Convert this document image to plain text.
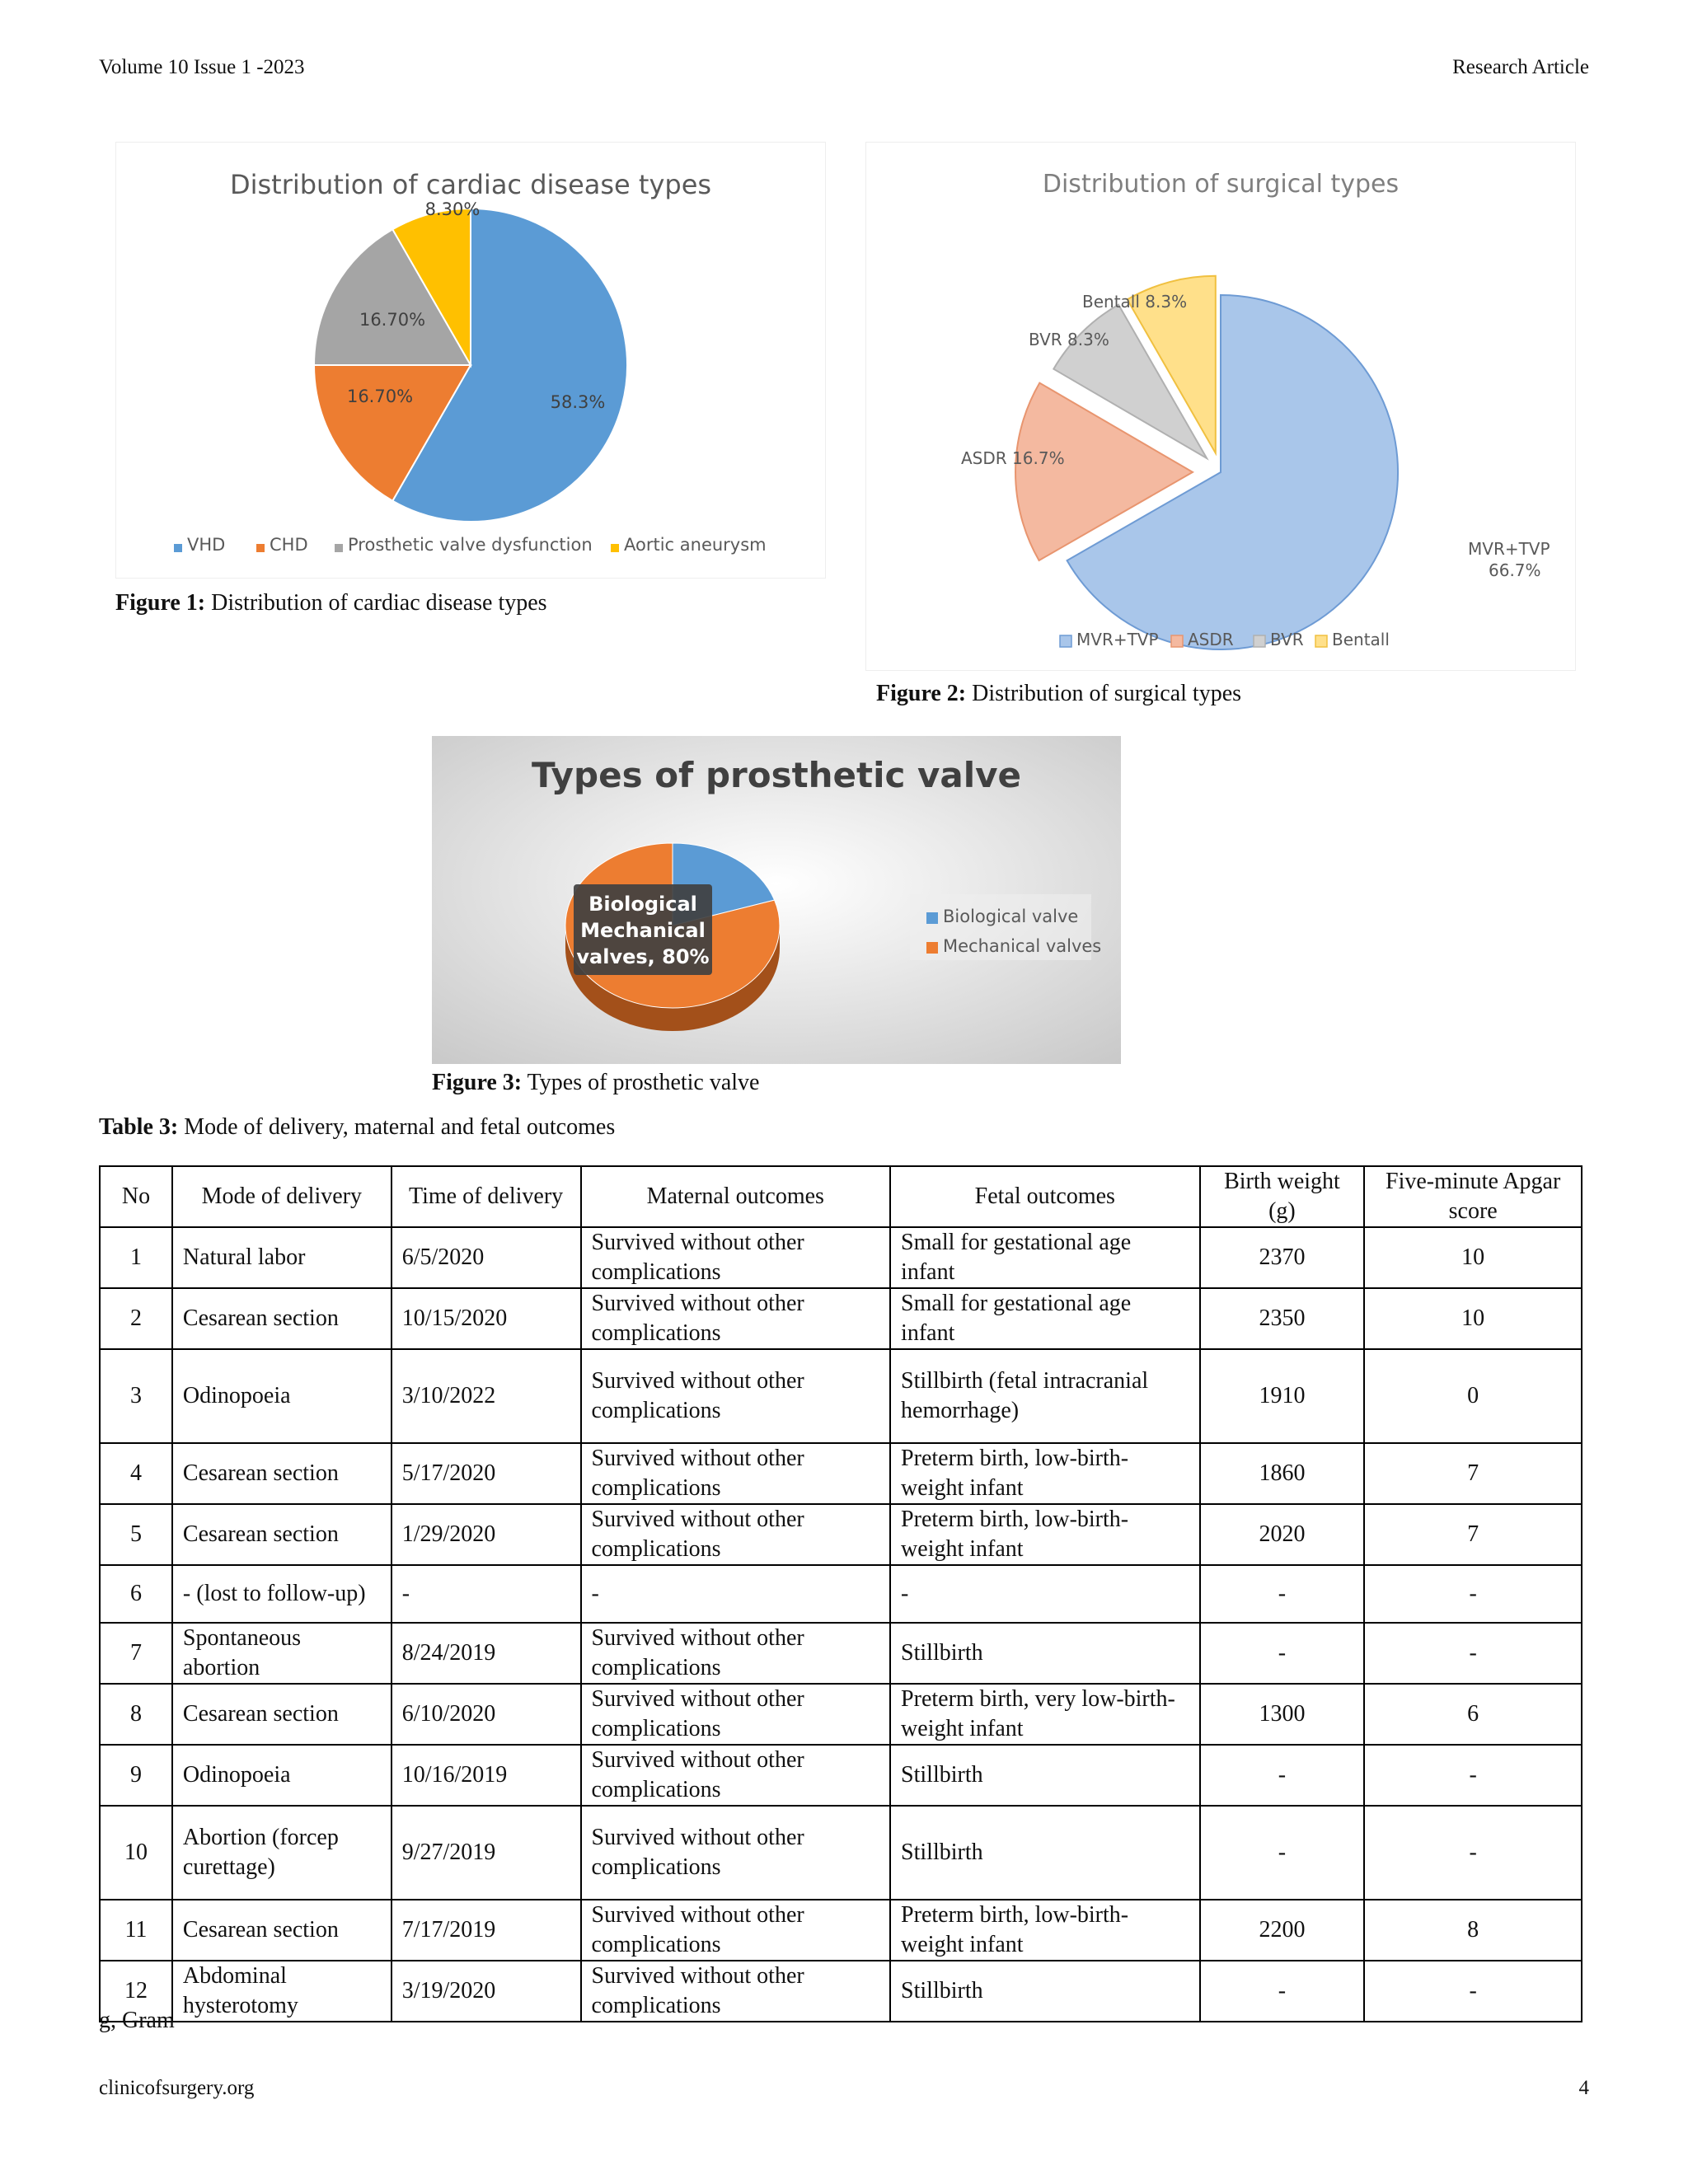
Volume 10 Issue 1 -2023	Research Article
Distribution of cardiac disease types
58.3%
16.70%
16.70%
8.30%
VHD	CHD Prosthetic valve dysfunction Aortic aneurysm
Figure 1: Distribution of cardiac disease types
Distribution of surgical types
MVR+TVP
66.7%
ASDR 16.7%
BVR 8.3%
Bentall 8.3%
MVR+TVP ASDR BVR Bentall
Figure 2: Distribution of surgical types
Types of prosthetic valve
Biological
Mechanical
valves, 80%
Biological valve
Mechanical valves
Figure 3: Types of prosthetic valve
Table 3: Mode of delivery, maternal and fetal outcomes
No	Mode of delivery	Time of delivery	Maternal outcomes	Fetal outcomes	Birth weight (g)	Five-minute Apgar score
1	Natural labor	6/5/2020	Survived without other complications	Small for gestational age infant	2370	10
2	Cesarean section	10/15/2020	Survived without other complications	Small for gestational age infant	2350	10
3	Odinopoeia	3/10/2022	Survived without other complications	Stillbirth (fetal intracranial hemorrhage)	1910	0
4	Cesarean section	5/17/2020	Survived without other complications	Preterm birth, low-birth-weight infant	1860	7
5	Cesarean section	1/29/2020	Survived without other complications	Preterm birth, low-birth-weight infant	2020	7
6	- (lost to follow-up)	-	-	-	-	-
7	Spontaneous abortion	8/24/2019	Survived without other complications	Stillbirth	-	-
8	Cesarean section	6/10/2020	Survived without other complications	Preterm birth, very low-birth-weight infant	1300	6
9	Odinopoeia	10/16/2019	Survived without other complications	Stillbirth	-	-
10	Abortion (forcep curettage)	9/27/2019	Survived without other complications	Stillbirth	-	-
11	Cesarean section	7/17/2019	Survived without other complications	Preterm birth, low-birth-weight infant	2200	8
12	Abdominal hysterotomy	3/19/2020	Survived without other complications	Stillbirth	-	-
g, Gram
clinicofsurgery.org	4
